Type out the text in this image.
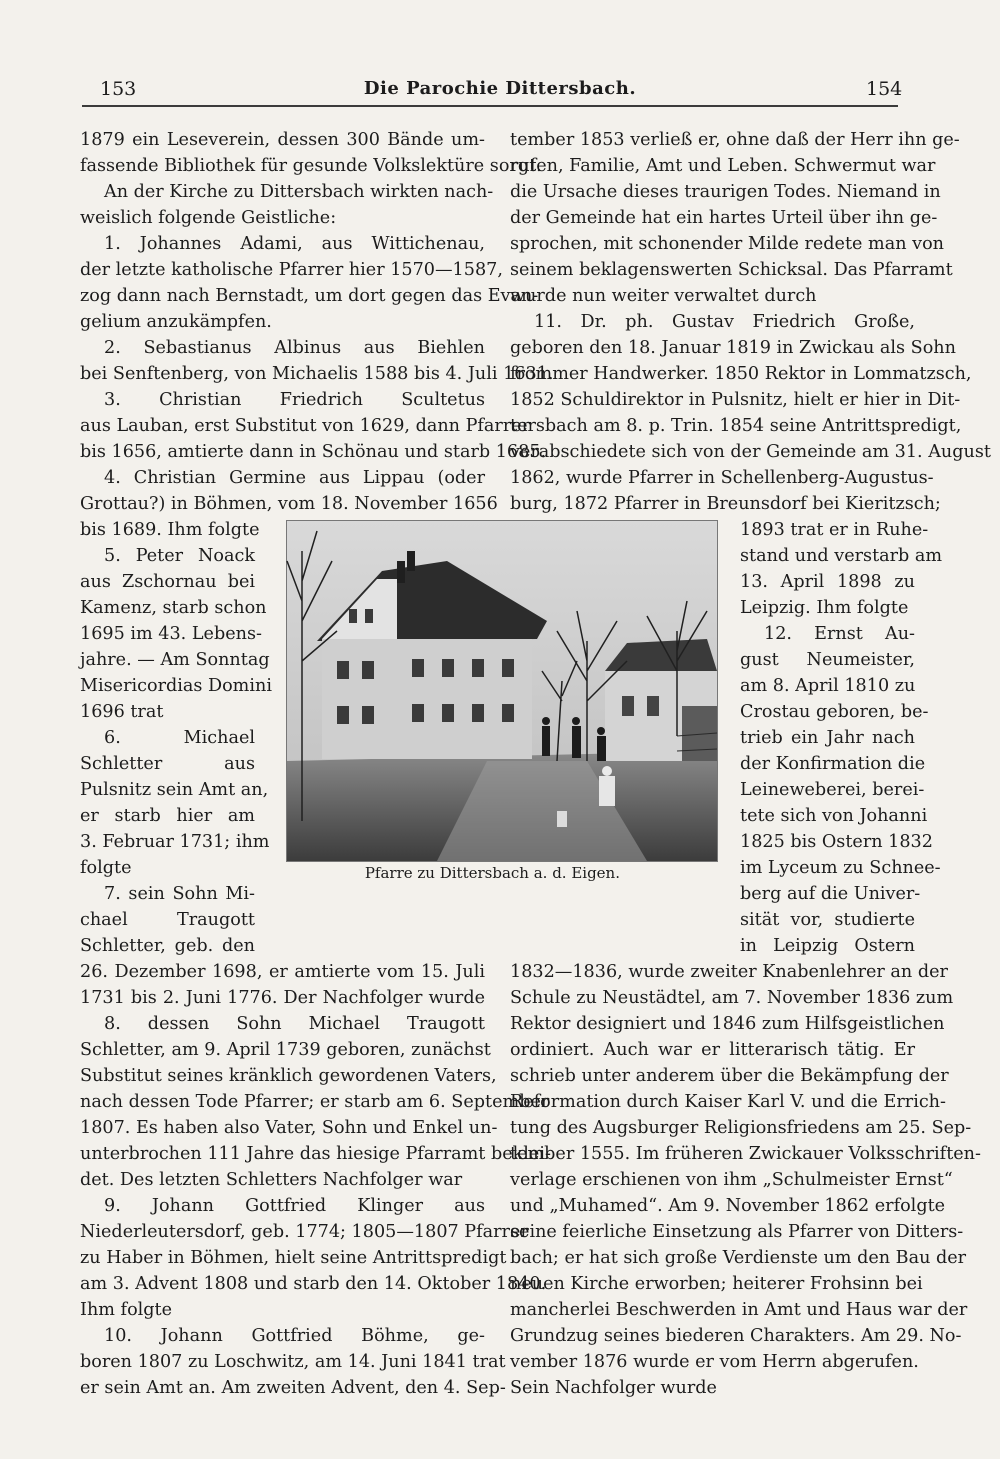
153	Die Parochie Dittersbach.	154
1879 ein Leseverein, dessen 300 Bände um-
fassende Bibliothek für gesunde Volkslektüre sorgt.
An der Kirche zu Dittersbach wirkten nach-
weislich folgende Geistliche:
1. Johannes Adami, aus Wittichenau,
der letzte katholische Pfarrer hier 1570—1587,
zog dann nach Bernstadt, um dort gegen das Evan-
gelium anzukämpfen.
2. Sebastianus Albinus aus Biehlen
bei Senftenberg, von Michaelis 1588 bis 4. Juli 1631.
3. Christian Friedrich Scultetus
aus Lauban, erst Substitut von 1629, dann Pfarrer
bis 1656, amtierte dann in Schönau und starb 1685.
4. Christian Germine aus Lippau (oder
Grottau?) in Böhmen, vom 18. November 1656
bis 1689. Ihm folgte
5. Peter Noack
aus Zschornau bei
Kamenz, starb schon
1695 im 43. Lebens-
jahre. — Am Sonntag
Misericordias Domini
1696 trat
6. Michael
Schletter aus
Pulsnitz sein Amt an,
er starb hier am
3. Februar 1731; ihm
folgte
7. sein Sohn Mi-
chael Traugott
Schletter, geb. den
26. Dezember 1698, er amtierte vom 15. Juli
1731 bis 2. Juni 1776. Der Nachfolger wurde
8. dessen Sohn Michael Traugott
Schletter, am 9. April 1739 geboren, zunächst
Substitut seines kränklich gewordenen Vaters,
nach dessen Tode Pfarrer; er starb am 6. September
1807. Es haben also Vater, Sohn und Enkel un-
unterbrochen 111 Jahre das hiesige Pfarramt beklei-
det. Des letzten Schletters Nachfolger war
9. Johann Gottfried Klinger aus
Niederleutersdorf, geb. 1774; 1805—1807 Pfarrer
zu Haber in Böhmen, hielt seine Antrittspredigt
am 3. Advent 1808 und starb den 14. Oktober 1840.
Ihm folgte
10. Johann Gottfried Böhme, ge-
boren 1807 zu Loschwitz, am 14. Juni 1841 trat
er sein Amt an. Am zweiten Advent, den 4. Sep-
tember 1853 verließ er, ohne daß der Herr ihn ge-
rufen, Familie, Amt und Leben. Schwermut war
die Ursache dieses traurigen Todes. Niemand in
der Gemeinde hat ein hartes Urteil über ihn ge-
sprochen, mit schonender Milde redete man von
seinem beklagenswerten Schicksal. Das Pfarramt
wurde nun weiter verwaltet durch
11. Dr. ph. Gustav Friedrich Große,
geboren den 18. Januar 1819 in Zwickau als Sohn
frommer Handwerker. 1850 Rektor in Lommatzsch,
1852 Schuldirektor in Pulsnitz, hielt er hier in Dit-
tersbach am 8. p. Trin. 1854 seine Antrittspredigt,
verabschiedete sich von der Gemeinde am 31. August
1862, wurde Pfarrer in Schellenberg-Augustus-
burg, 1872 Pfarrer in Breunsdorf bei Kieritzsch;
1893 trat er in Ruhe-
stand und verstarb am
13. April 1898 zu
Leipzig. Ihm folgte
12. Ernst Au-
gust Neumeister,
am 8. April 1810 zu
Crostau geboren, be-
trieb ein Jahr nach
der Konfirmation die
Leineweberei, berei-
tete sich von Johanni
1825 bis Ostern 1832
im Lyceum zu Schnee-
berg auf die Univer-
sität vor, studierte
in Leipzig Ostern
1832—1836, wurde zweiter Knabenlehrer an der
Schule zu Neustädtel, am 7. November 1836 zum
Rektor designiert und 1846 zum Hilfsgeistlichen
ordiniert. Auch war er litterarisch tätig. Er
schrieb unter anderem über die Bekämpfung der
Reformation durch Kaiser Karl V. und die Errich-
tung des Augsburger Religionsfriedens am 25. Sep-
tember 1555. Im früheren Zwickauer Volksschriften-
verlage erschienen von ihm „Schulmeister Ernst“
und „Muhamed“. Am 9. November 1862 erfolgte
seine feierliche Einsetzung als Pfarrer von Ditters-
bach; er hat sich große Verdienste um den Bau der
neuen Kirche erworben; heiterer Frohsinn bei
mancherlei Beschwerden in Amt und Haus war der
Grundzug seines biederen Charakters. Am 29. No-
vember 1876 wurde er vom Herrn abgerufen.
Sein Nachfolger wurde
Pfarre zu Dittersbach a. d. Eigen.
